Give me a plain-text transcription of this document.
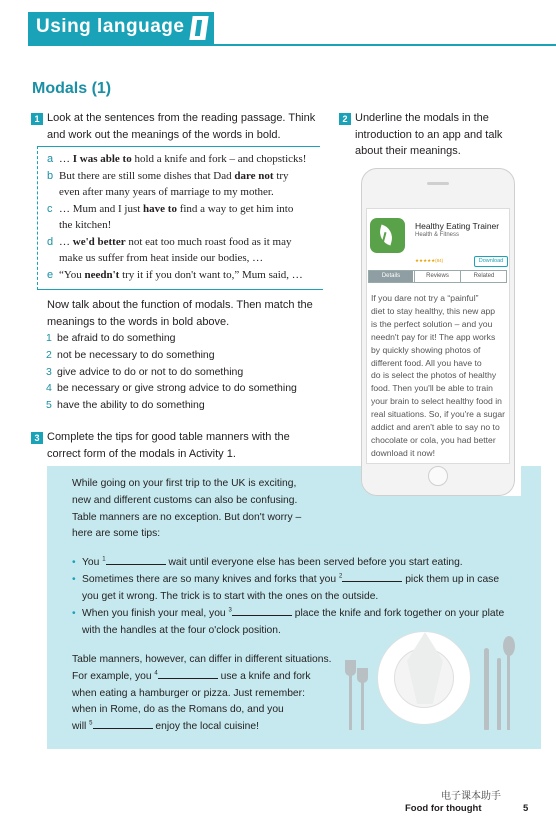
Using language
Modals (1)
1 Look at the sentences from the reading passage. Think
and work out the meanings of the words in bold.
a … I was able to hold a knife and fork – and chopsticks!
b But there are still some dishes that Dad dare not try
even after many years of marriage to my mother.
c … Mum and I just have to find a way to get him into
the kitchen!
d … we'd better not eat too much roast food as it may
make us suffer from heat inside our bodies, …
e “You needn't try it if you don't want to,” Mum said, …
Now talk about the function of modals. Then match the
meanings to the words in bold above.
1 be afraid to do something
2 not be necessary to do something
3 give advice to do or not to do something
4 be necessary or give strong advice to do something
5 have the ability to do something
2 Underline the modals in the
introduction to an app and talk
about their meanings.
Healthy Eating Trainer
Health & Fitness
★★★★★(84)	Download
Details	Reviews	Related
If you dare not try a “painful”
diet to stay healthy, this new app
is the perfect solution – and you
needn't pay for it! The app works
by quickly showing photos of
different food. All you have to
do is select the photos of healthy
food. Then you'll be able to train
your brain to select healthy food in
real situations. So, if you're a sugar
addict and aren't able to say no to
chocolate or cola, you had better
download it now!
3 Complete the tips for good table manners with the
correct form of the modals in Activity 1.
While going on your first trip to the UK is exciting,
new and different customs can also be confusing.
Table manners are no exception. But don't worry –
here are some tips:
• You $^1$	wait until everyone else has been served before you start eating.
• Sometimes there are so many knives and forks that you $^2$	pick them up in case
you get it wrong. The trick is to start with the ones on the outside.
• When you finish your meal, you $^3$	place the knife and fork together on your plate
with the handles at the four o'clock position.
Table manners, however, can differ in different situations.
For example, you $^4$	use a knife and fork
when eating a hamburger or pizza. Just remember:
when in Rome, do as the Romans do, and you
will $^5$	enjoy the local cuisine!
电子课本助手
Food for thought	5
